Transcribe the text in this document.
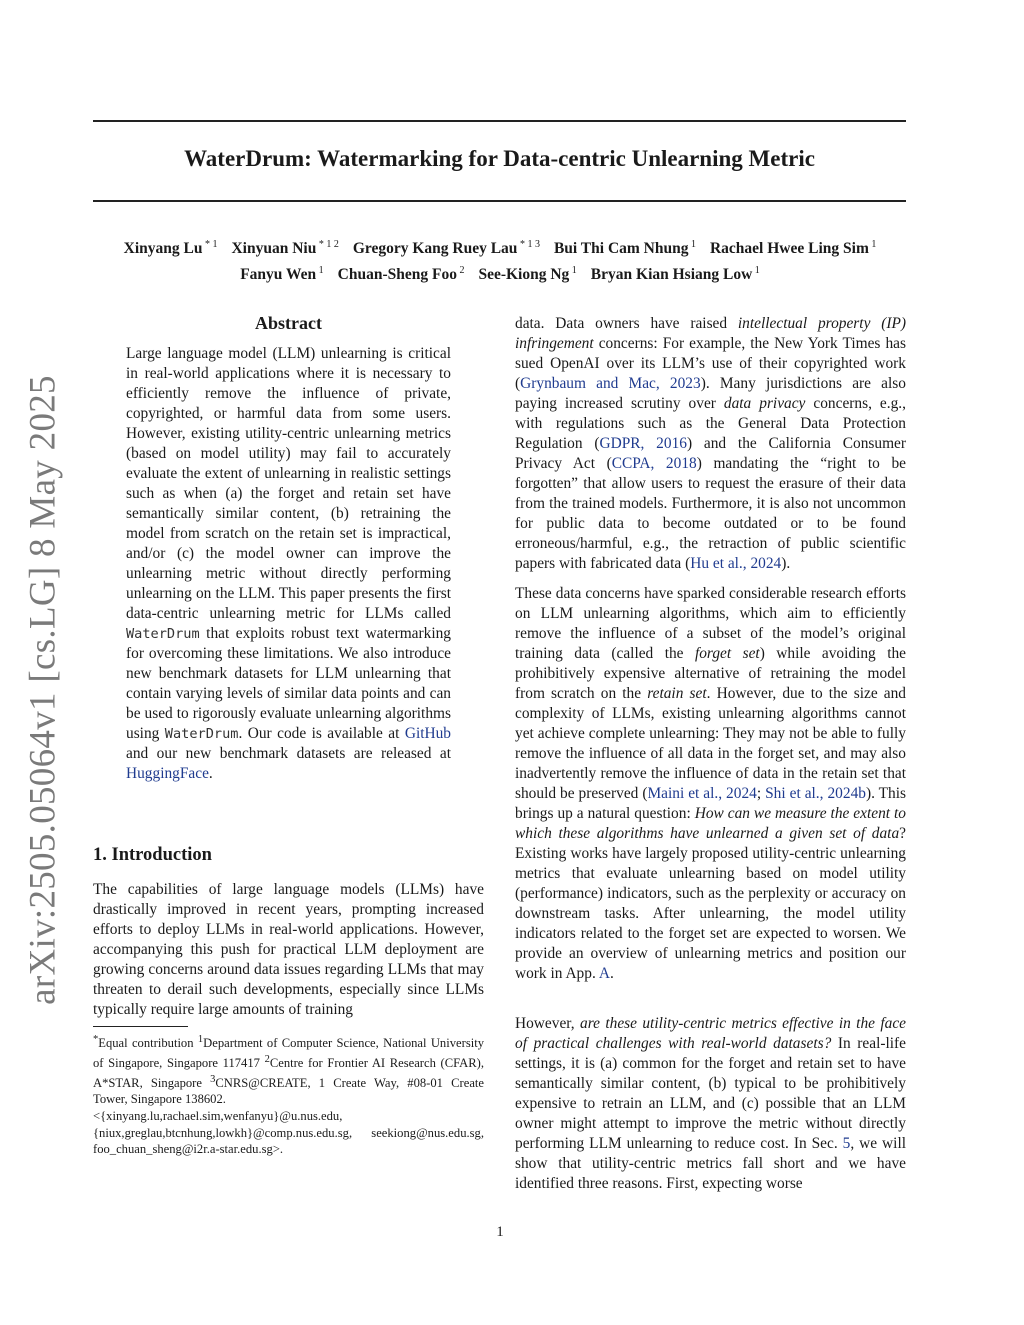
WaterDrum: Watermarking for Data-centric Unlearning Metric
Xinyang Lu $^{* 1}$ Xinyuan Niu $^{* 1 2}$ Gregory Kang Ruey Lau $^{* 1 3}$ Bui Thi Cam Nhung $^1$ Rachael Hwee Ling Sim $^1$
Fanyu Wen $^1$ Chuan-Sheng Foo $^2$ See-Kiong Ng $^1$ Bryan Kian Hsiang Low $^1$
arXiv:2505.05064v1 [cs.LG] 8 May 2025
Abstract

Large language model (LLM) unlearning is critical in real-world applications where it is necessary to efficiently remove the influence of private, copyrighted, or harmful data from some users. However, existing utility-centric unlearning metrics (based on model utility) may fail to accurately evaluate the extent of unlearning in realistic settings such as when (a) the forget and retain set have semantically similar content, (b) retraining the model from scratch on the retain set is impractical, and/or (c) the model owner can improve the unlearning metric without directly performing unlearning on the LLM. This paper presents the first data-centric unlearning metric for LLMs called WaterDrum that exploits robust text watermarking for overcoming these limitations. We also introduce new benchmark datasets for LLM unlearning that contain varying levels of similar data points and can be used to rigorously evaluate unlearning algorithms using WaterDrum. Our code is available at GitHub and our new benchmark datasets are released at HuggingFace.

1. Introduction

The capabilities of large language models (LLMs) have drastically improved in recent years, prompting increased efforts to deploy LLMs in real-world applications. However, accompanying this push for practical LLM deployment are growing concerns around data issues regarding LLMs that may threaten to derail such developments, especially since LLMs typically require large amounts of training

*Equal contribution $^1$Department of Computer Science, National University of Singapore, Singapore 117417 $^2$Centre for Frontier AI Research (CFAR), A*STAR, Singapore $^3$CNRS@CREATE, 1 Create Way, #08-01 Create Tower, Singapore 138602.
<{xinyang.lu,rachael.sim,wenfanyu}@u.nus.edu, {niux,greglau,btcnhung,lowkh}@comp.nus.edu.sg, seekiong@nus.edu.sg, foo_chuan_sheng@i2r.a-star.edu.sg>.

data. Data owners have raised intellectual property (IP) infringement concerns: For example, the New York Times has sued OpenAI over its LLM’s use of their copyrighted work (Grynbaum and Mac, 2023). Many jurisdictions are also paying increased scrutiny over data privacy concerns, e.g., with regulations such as the General Data Protection Regulation (GDPR, 2016) and the California Consumer Privacy Act (CCPA, 2018) mandating the “right to be forgotten” that allow users to request the erasure of their data from the trained models. Furthermore, it is also not uncommon for public data to become outdated or to be found erroneous/harmful, e.g., the retraction of public scientific papers with fabricated data (Hu et al., 2024).

These data concerns have sparked considerable research efforts on LLM unlearning algorithms, which aim to efficiently remove the influence of a subset of the model’s original training data (called the forget set) while avoiding the prohibitively expensive alternative of retraining the model from scratch on the retain set. However, due to the size and complexity of LLMs, existing unlearning algorithms cannot yet achieve complete unlearning: They may not be able to fully remove the influence of all data in the forget set, and may also inadvertently remove the influence of data in the retain set that should be preserved (Maini et al., 2024; Shi et al., 2024b). This brings up a natural question: How can we measure the extent to which these algorithms have unlearned a given set of data? Existing works have largely proposed utility-centric unlearning metrics that evaluate unlearning based on model utility (performance) indicators, such as the perplexity or accuracy on downstream tasks. After unlearning, the model utility indicators related to the forget set are expected to worsen. We provide an overview of unlearning metrics and position our work in App. A.

However, are these utility-centric metrics effective in the face of practical challenges with real-world datasets? In real-life settings, it is (a) common for the forget and retain set to have semantically similar content, (b) typical to be prohibitively expensive to retrain an LLM, and (c) possible that an LLM owner might attempt to improve the metric without directly performing LLM unlearning to reduce cost. In Sec. 5, we will show that utility-centric metrics fall short and we have identified three reasons. First, expecting worse

1
